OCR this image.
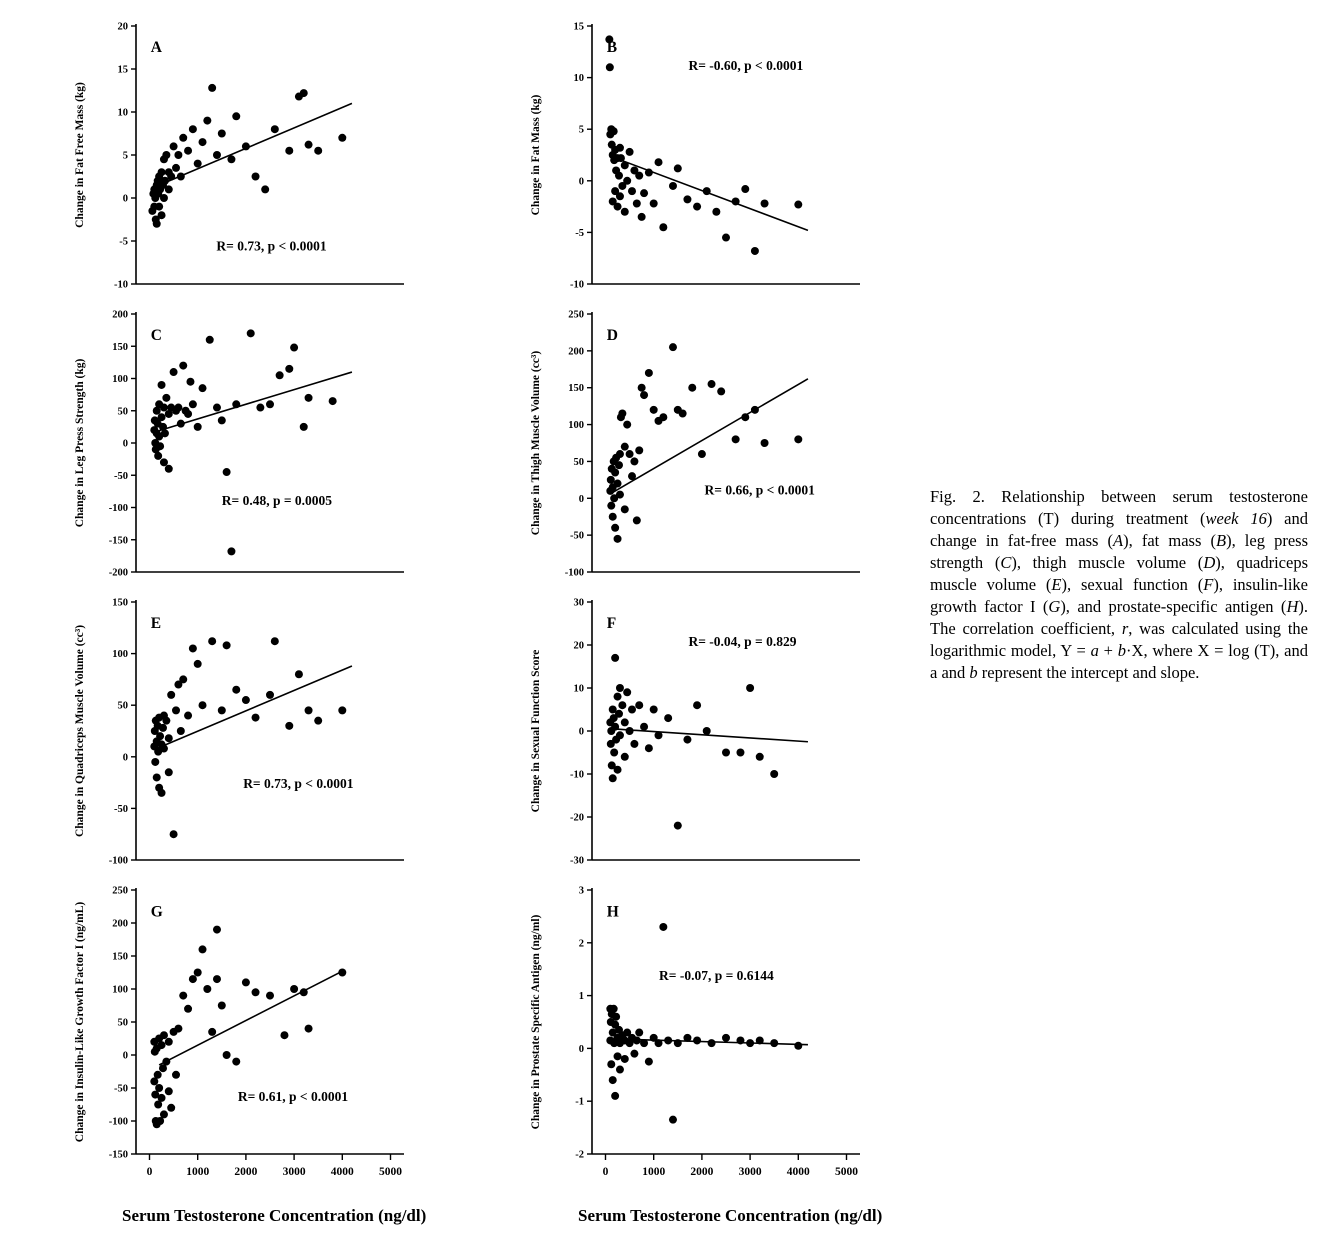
20
15
10
5
0
-5
-10
A
R= 0.73, p < 0.0001
Change in Fat Free Mass (kg)
200
150
100
50
0
-50
-100
-150
-200
C
R= 0.48, p = 0.0005
Change in Leg Press Strength (kg)
150
100
50
0
-50
-100
E
R= 0.73, p < 0.0001
Change in Quadriceps Muscle Volume (cc³)
250
200
150
100
50
0
-50
-100
-150
0	1000 2000 3000 4000 5000
G
R= 0.61, p < 0.0001
Change in Insulin-Like Growth Factor I (ng/mL)
Serum Testosterone Concentration (ng/dl)
15
10
5
0
-5
-10
B
R= -0.60, p < 0.0001
Change in Fat Mass (kg)
250
200
150
100
50
0
-50
-100
D
R= 0.66, p < 0.0001
Change in Thigh Muscle Volume (cc³)
30
20
10
0
-10
-20
-30
F
R= -0.04, p = 0.829
Change in Sexual Function Score
3
2
1
0
-1
-2
0	1000 2000 3000 4000 5000
H
R= -0.07, p = 0.6144
Change in Prostate Specific Antigen (ng/ml)
Serum Testosterone Concentration (ng/dl)

Fig. 2. Relationship between serum testosterone concentrations (T) during treatment (week 16) and change in fat-free mass (A), fat mass (B), leg press strength (C), thigh muscle volume (D), quadriceps muscle volume (E), sexual function (F), insulin-like growth factor I (G), and prostate-specific antigen (H). The correlation coefficient, r, was calculated using the logarithmic model, Y = a + b·X, where X = log (T), and a and b represent the intercept and slope.
